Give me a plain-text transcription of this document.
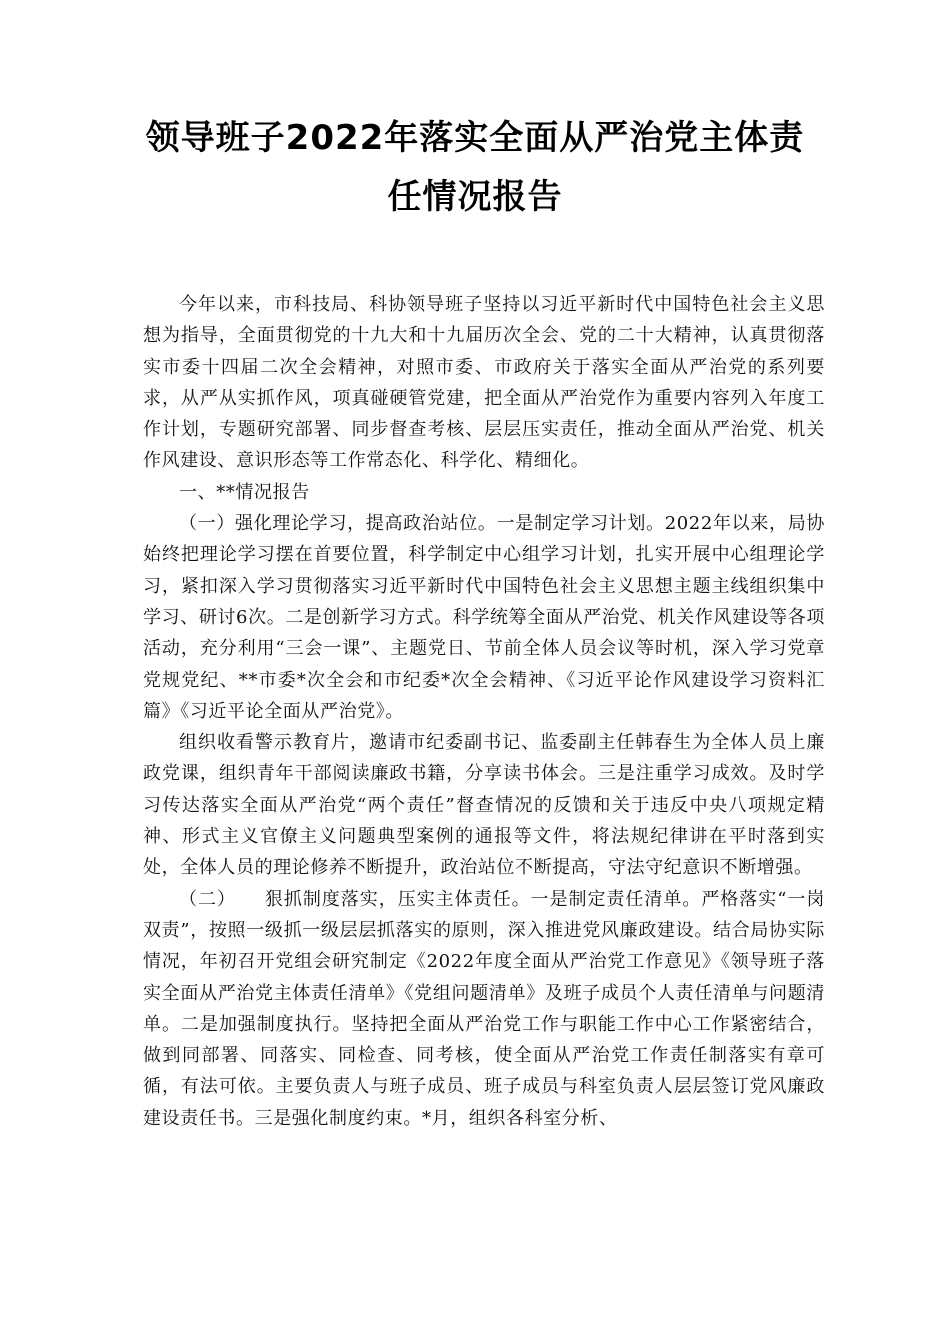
领导班子2022年落实全面从严治党主体责
任情况报告

今年以来，市科技局、科协领导班子坚持以习近平新时代中国特色社会主义思想为指导，全面贯彻党的十九大和十九届历次全会、党的二十大精神，认真贯彻落实市委十四届二次全会精神，对照市委、市政府关于落实全面从严治党的系列要求，从严从实抓作风，项真碰硬管党建，把全面从严治党作为重要内容列入年度工作计划，专题研究部署、同步督查考核、层层压实责任，推动全面从严治党、机关作风建设、意识形态等工作常态化、科学化、精细化。

一、**情况报告

（一）强化理论学习，提高政治站位。一是制定学习计划。2022年以来，局协始终把理论学习摆在首要位置，科学制定中心组学习计划，扎实开展中心组理论学习，紧扣深入学习贯彻落实习近平新时代中国特色社会主义思想主题主线组织集中学习、研讨6次。二是创新学习方式。科学统筹全面从严治党、机关作风建设等各项活动，充分利用“三会一课”、主题党日、节前全体人员会议等时机，深入学习党章党规党纪、**市委*次全会和市纪委*次全会精神、《习近平论作风建设学习资料汇篇》《习近平论全面从严治党》。

组织收看警示教育片，邀请市纪委副书记、监委副主任韩春生为全体人员上廉政党课，组织青年干部阅读廉政书籍，分享读书体会。三是注重学习成效。及时学习传达落实全面从严治党“两个责任”督查情况的反馈和关于违反中央八项规定精神、形式主义官僚主义问题典型案例的通报等文件，将法规纪律讲在平时落到实处，全体人员的理论修养不断提升，政治站位不断提高，守法守纪意识不断增强。

（二）　　狠抓制度落实，压实主体责任。一是制定责任清单。严格落实“一岗双责”，按照一级抓一级层层抓落实的原则，深入推进党风廉政建设。结合局协实际情况，年初召开党组会研究制定《2022年度全面从严治党工作意见》《领导班子落实全面从严治党主体责任清单》《党组问题清单》及班子成员个人责任清单与问题清单。二是加强制度执行。坚持把全面从严治党工作与职能工作中心工作紧密结合，做到同部署、同落实、同检查、同考核，使全面从严治党工作责任制落实有章可循，有法可依。主要负责人与班子成员、班子成员与科室负责人层层签订党风廉政建设责任书。三是强化制度约束。*月，组织各科室分析、
